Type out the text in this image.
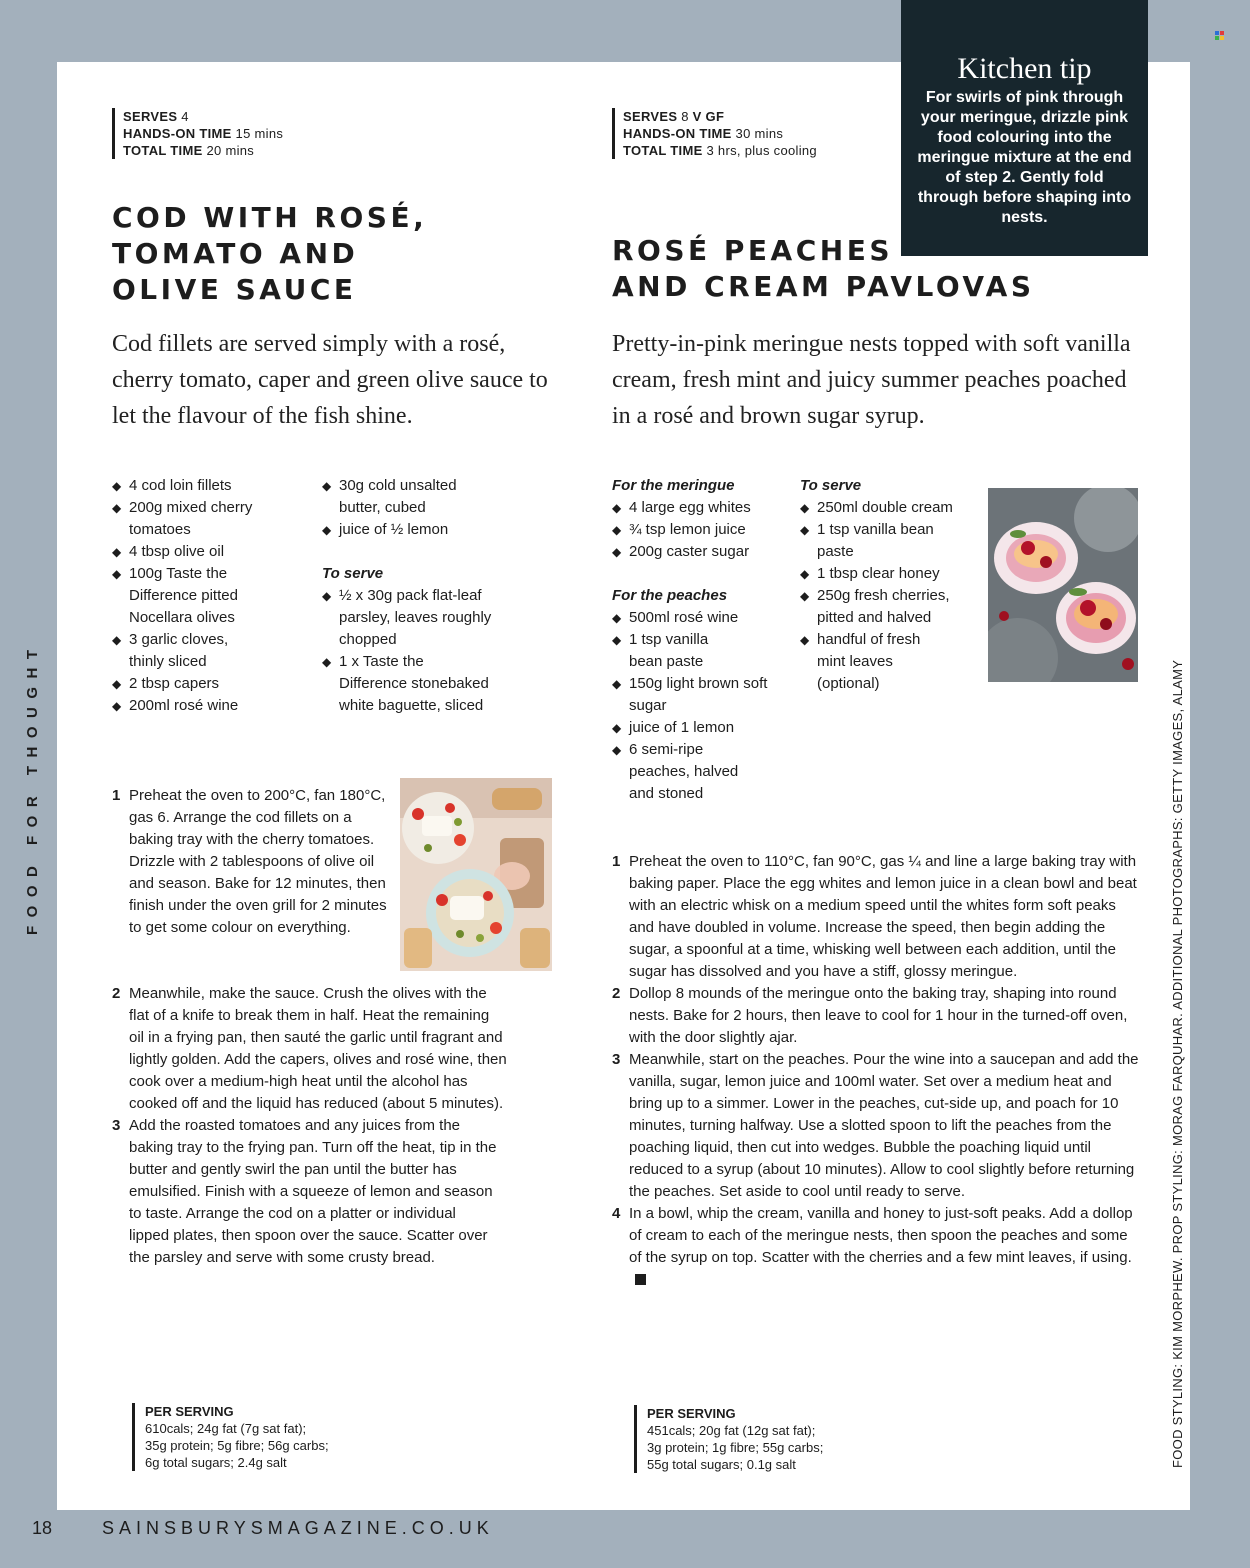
Kitchen tip
For swirls of pink through your meringue, drizzle pink food colouring into the meringue mixture at the end of step 2. Gently fold through before shaping into nests.
FOOD FOR THOUGHT	FOOD STYLING: KIM MORPHEW. PROP STYLING: MORAG FARQUHAR. ADDITIONAL PHOTOGRAPHS: GETTY IMAGES, ALAMY
SERVES 4
HANDS-ON TIME 15 mins
TOTAL TIME 20 mins
COD WITH ROSÉ,
TOMATO AND
OLIVE SAUCE
Cod fillets are served simply with a rosé, cherry tomato, caper and green olive sauce to let the flavour of the fish shine.
◆ 4 cod loin fillets
◆ 200g mixed cherry tomatoes
◆ 4 tbsp olive oil
◆ 100g Taste the Difference pitted Nocellara olives
◆ 3 garlic cloves, thinly sliced
◆ 2 tbsp capers
◆ 200ml rosé wine
◆ 30g cold unsalted butter, cubed
◆ juice of ½ lemon
To serve
◆ ½ x 30g pack flat-leaf parsley, leaves roughly chopped
◆ 1 x Taste the Difference stonebaked white baguette, sliced
1 Preheat the oven to 200°C, fan 180°C, gas 6. Arrange the cod fillets on a baking tray with the cherry tomatoes. Drizzle with 2 tablespoons of olive oil and season. Bake for 12 minutes, then finish under the oven grill for 2 minutes to get some colour on everything.
2 Meanwhile, make the sauce. Crush the olives with the flat of a knife to break them in half. Heat the remaining oil in a frying pan, then sauté the garlic until fragrant and lightly golden. Add the capers, olives and rosé wine, then cook over a medium-high heat until the alcohol has cooked off and the liquid has reduced (about 5 minutes).
3 Add the roasted tomatoes and any juices from the baking tray to the frying pan. Turn off the heat, tip in the butter and gently swirl the pan until the butter has emulsified. Finish with a squeeze of lemon and season to taste. Arrange the cod on a platter or individual lipped plates, then spoon over the sauce. Scatter over the parsley and serve with some crusty bread.
PER SERVING
610cals; 24g fat (7g sat fat);
35g protein; 5g fibre; 56g carbs;
6g total sugars; 2.4g salt
SERVES 8 V GF
HANDS-ON TIME 30 mins
TOTAL TIME 3 hrs, plus cooling
ROSÉ PEACHES
AND CREAM PAVLOVAS
Pretty-in-pink meringue nests topped with soft vanilla cream, fresh mint and juicy summer peaches poached in a rosé and brown sugar syrup.
For the meringue
◆ 4 large egg whites
◆ ¾ tsp lemon juice
◆ 200g caster sugar
For the peaches
◆ 500ml rosé wine
◆ 1 tsp vanilla bean paste
◆ 150g light brown soft sugar
◆ juice of 1 lemon
◆ 6 semi-ripe peaches, halved and stoned
To serve
◆ 250ml double cream
◆ 1 tsp vanilla bean paste
◆ 1 tbsp clear honey
◆ 250g fresh cherries, pitted and halved
◆ handful of fresh mint leaves (optional)
1 Preheat the oven to 110°C, fan 90°C, gas ¼ and line a large baking tray with baking paper. Place the egg whites and lemon juice in a clean bowl and beat with an electric whisk on a medium speed until the whites form soft peaks and have doubled in volume. Increase the speed, then begin adding the sugar, a spoonful at a time, whisking well between each addition, until the sugar has dissolved and you have a stiff, glossy meringue.
2 Dollop 8 mounds of the meringue onto the baking tray, shaping into round nests. Bake for 2 hours, then leave to cool for 1 hour in the turned-off oven, with the door slightly ajar.
3 Meanwhile, start on the peaches. Pour the wine into a saucepan and add the vanilla, sugar, lemon juice and 100ml water. Set over a medium heat and bring up to a simmer. Lower in the peaches, cut-side up, and poach for 10 minutes, turning halfway. Use a slotted spoon to lift the peaches from the poaching liquid, then cut into wedges. Bubble the poaching liquid until reduced to a syrup (about 10 minutes). Allow to cool slightly before returning the peaches. Set aside to cool until ready to serve.
4 In a bowl, whip the cream, vanilla and honey to just-soft peaks. Add a dollop of cream to each of the meringue nests, then spoon the peaches and some of the syrup on top. Scatter with the cherries and a few mint leaves, if using.
PER SERVING
451cals; 20g fat (12g sat fat);
3g protein; 1g fibre; 55g carbs;
55g total sugars; 0.1g salt
18	SAINSBURYSMAGAZINE.CO.UK
